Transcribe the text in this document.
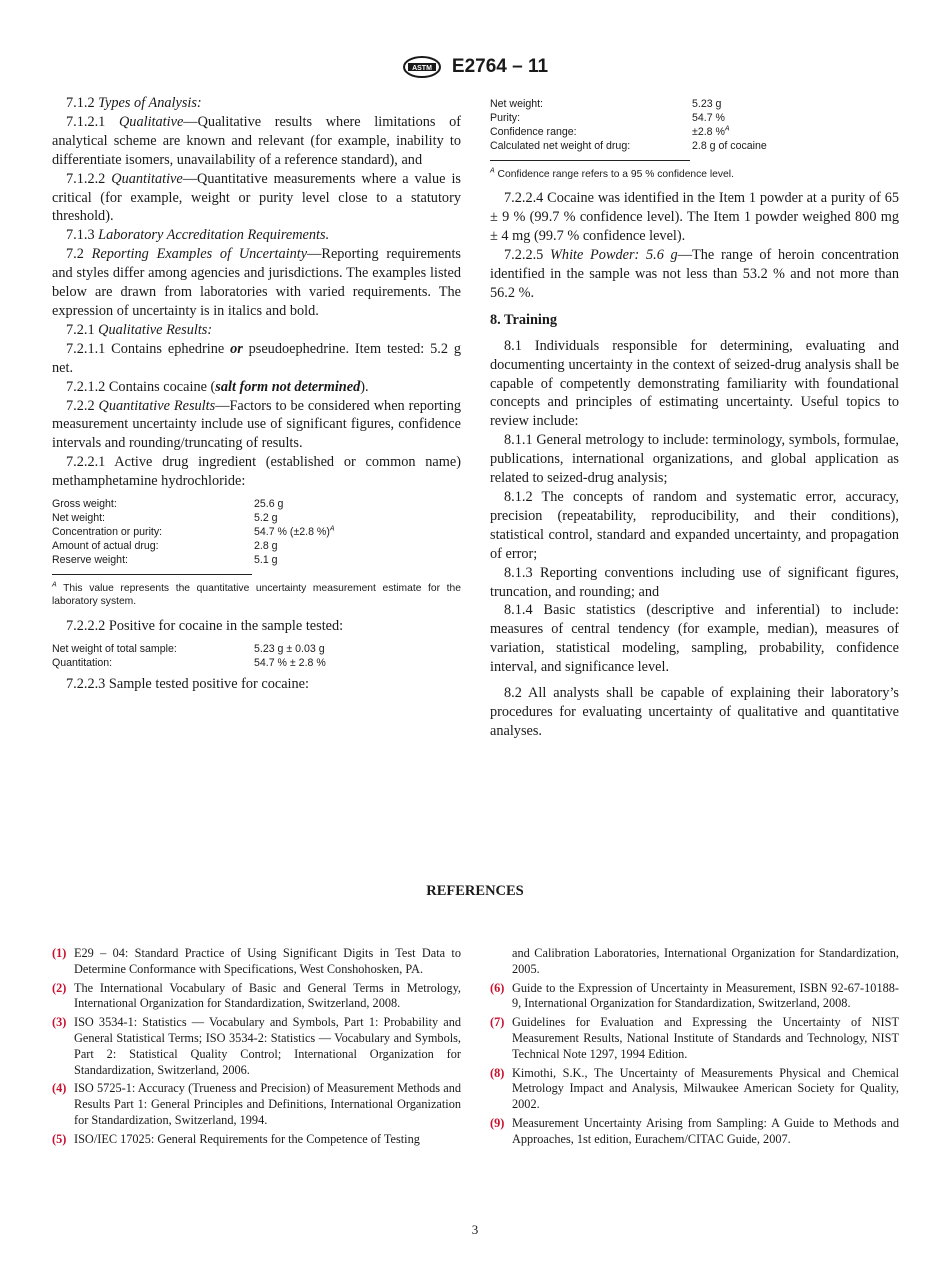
ASTM E2764 – 11

7.1.2 Types of Analysis:

7.1.2.1 Qualitative—Qualitative results where limitations of analytical scheme are known and relevant (for example, inability to differentiate isomers, unavailability of a reference standard), and

7.1.2.2 Quantitative—Quantitative measurements where a value is critical (for example, weight or purity level close to a statutory threshold).

7.1.3 Laboratory Accreditation Requirements.

7.2 Reporting Examples of Uncertainty—Reporting requirements and styles differ among agencies and jurisdictions. The examples listed below are drawn from laboratories with varied requirements. The expression of uncertainty is in italics and bold.

7.2.1 Qualitative Results:

7.2.1.1 Contains ephedrine or pseudoephedrine. Item tested: 5.2 g net.

7.2.1.2 Contains cocaine (salt form not determined).

7.2.2 Quantitative Results—Factors to be considered when reporting measurement uncertainty include use of significant figures, confidence intervals and rounding/truncating of results.

7.2.2.1 Active drug ingredient (established or common name) methamphetamine hydrochloride:

Gross weight:	25.6 g
Net weight:	5.2 g
Concentration or purity:	54.7 % (±2.8 %)$^A$
Amount of actual drug:	2.8 g
Reserve weight:	5.1 g

$^A$ This value represents the quantitative uncertainty measurement estimate for the laboratory system.

7.2.2.2 Positive for cocaine in the sample tested:

Net weight of total sample:	5.23 g ± 0.03 g
Quantitation:	54.7 % ± 2.8 %

7.2.2.3 Sample tested positive for cocaine:

Net weight:	5.23 g
Purity:	54.7 %
Confidence range:	±2.8 %$^A$
Calculated net weight of drug:	2.8 g of cocaine

$^A$ Confidence range refers to a 95 % confidence level.

7.2.2.4 Cocaine was identified in the Item 1 powder at a purity of 65 ± 9 % (99.7 % confidence level). The Item 1 powder weighed 800 mg ± 4 mg (99.7 % confidence level).

7.2.2.5 White Powder: 5.6 g—The range of heroin concentration identified in the sample was not less than 53.2 % and not more than 56.2 %.

8. Training

8.1 Individuals responsible for determining, evaluating and documenting uncertainty in the context of seized-drug analysis shall be capable of competently demonstrating familiarity with foundational concepts and principles of estimating uncertainty. Useful topics to review include:

8.1.1 General metrology to include: terminology, symbols, formulae, publications, international organizations, and global application as related to seized-drug analysis;

8.1.2 The concepts of random and systematic error, accuracy, precision (repeatability, reproducibility, and their conditions), statistical control, standard and expanded uncertainty, and propagation of error;

8.1.3 Reporting conventions including use of significant figures, truncation, and rounding; and

8.1.4 Basic statistics (descriptive and inferential) to include: measures of central tendency (for example, median), measures of variation, statistical modeling, sampling, probability, confidence interval, and significance level.

8.2 All analysts shall be capable of explaining their laboratory’s procedures for evaluating uncertainty of qualitative and quantitative analyses.

REFERENCES
(1) E29 – 04: Standard Practice of Using Significant Digits in Test Data to Determine Conformance with Specifications, West Conshohosken, PA.
(2) The International Vocabulary of Basic and General Terms in Metrology, International Organization for Standardization, Switzerland, 2008.
(3) ISO 3534-1: Statistics — Vocabulary and Symbols, Part 1: Probability and General Statistical Terms; ISO 3534-2: Statistics — Vocabulary and Symbols, Part 2: Statistical Quality Control; International Organization for Standardization, Switzerland, 2006.
(4) ISO 5725-1: Accuracy (Trueness and Precision) of Measurement Methods and Results Part 1: General Principles and Definitions, International Organization for Standardization, Switzerland, 1994.
(5) ISO/IEC 17025: General Requirements for the Competence of Testing
and Calibration Laboratories, International Organization for Standardization, 2005.
(6) Guide to the Expression of Uncertainty in Measurement, ISBN 92-67-10188-9, International Organization for Standardization, Switzerland, 2008.
(7) Guidelines for Evaluation and Expressing the Uncertainty of NIST Measurement Results, National Institute of Standards and Technology, NIST Technical Note 1297, 1994 Edition.
(8) Kimothi, S.K., The Uncertainty of Measurements Physical and Chemical Metrology Impact and Analysis, Milwaukee American Society for Quality, 2002.
(9) Measurement Uncertainty Arising from Sampling: A Guide to Methods and Approaches, 1st edition, Eurachem/CITAC Guide, 2007.
3
